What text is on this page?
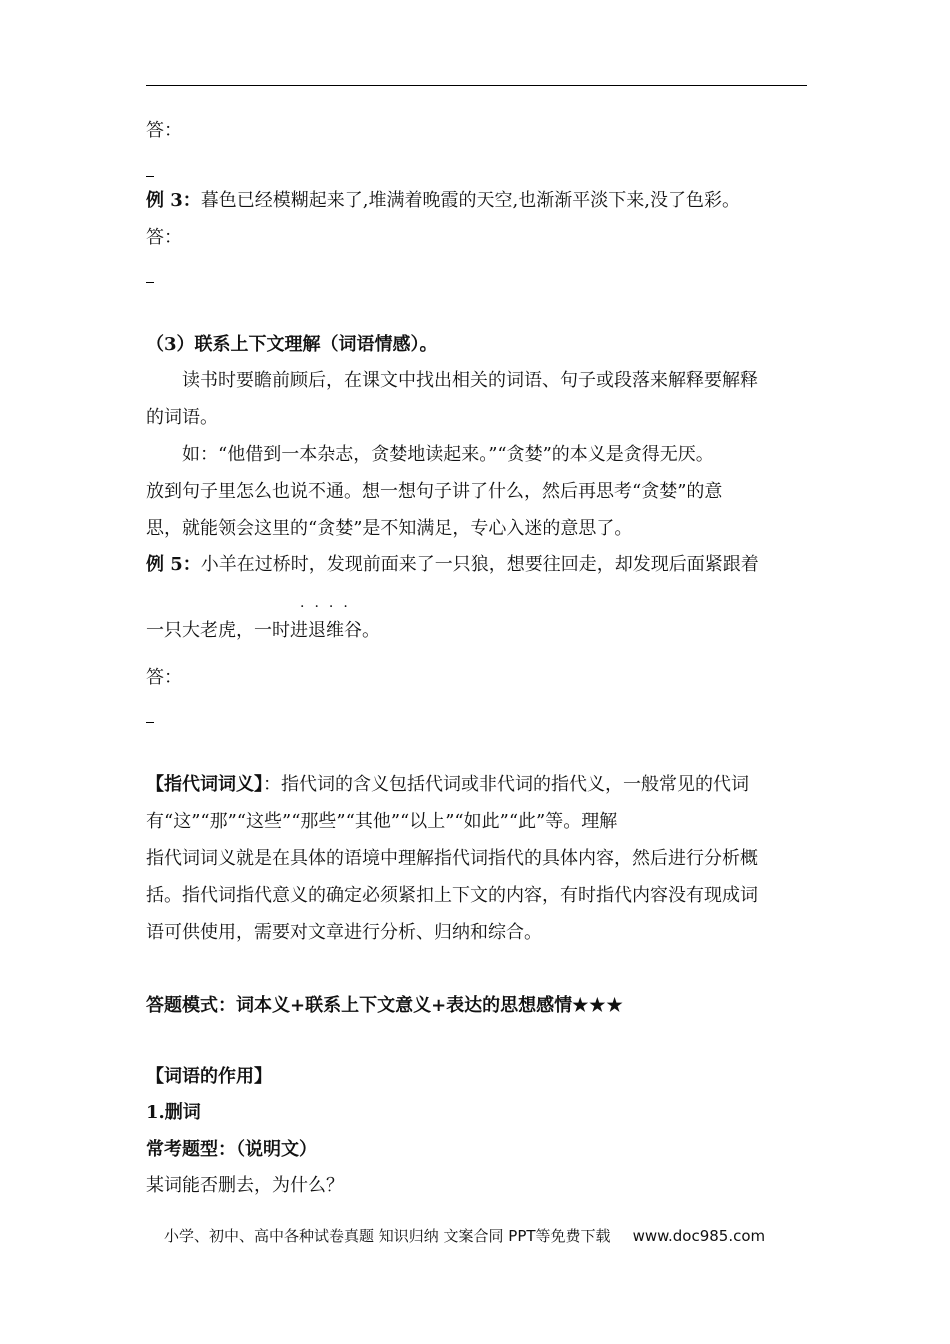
答：
例 3：暮色已经模糊起来了,堆满着晚霞的天空,也渐渐平淡下来,没了色彩。
答：
（3）联系上下文理解（词语情感）。
读书时要瞻前顾后，在课文中找出相关的词语、句子或段落来解释要解释
的词语。
如：“他借到一本杂志，贪婪地读起来。”“贪婪”的本义是贪得无厌。
放到句子里怎么也说不通。想一想句子讲了什么，然后再思考“贪婪”的意
思，就能领会这里的“贪婪”是不知满足，专心入迷的意思了。
例 5：小羊在过桥时，发现前面来了一只狼，想要往回走，却发现后面紧跟着
····
一只大老虎，一时进退维谷。
答：
【指代词词义】：指代词的含义包括代词或非代词的指代义，一般常见的代词
有“这”“那”“这些”“那些”“其他”“以上”“如此”“此”等。理解
指代词词义就是在具体的语境中理解指代词指代的具体内容，然后进行分析概
括。指代词指代意义的确定必须紧扣上下文的内容，有时指代内容没有现成词
语可供使用，需要对文章进行分析、归纳和综合。
答题模式：词本义+联系上下文意义+表达的思想感情★★★
【词语的作用】
1.删词
常考题型：（说明文）
某词能否删去，为什么？
小学、初中、高中各种试卷真题 知识归纳 文案合同 PPT等免费下载 www.doc985.com
